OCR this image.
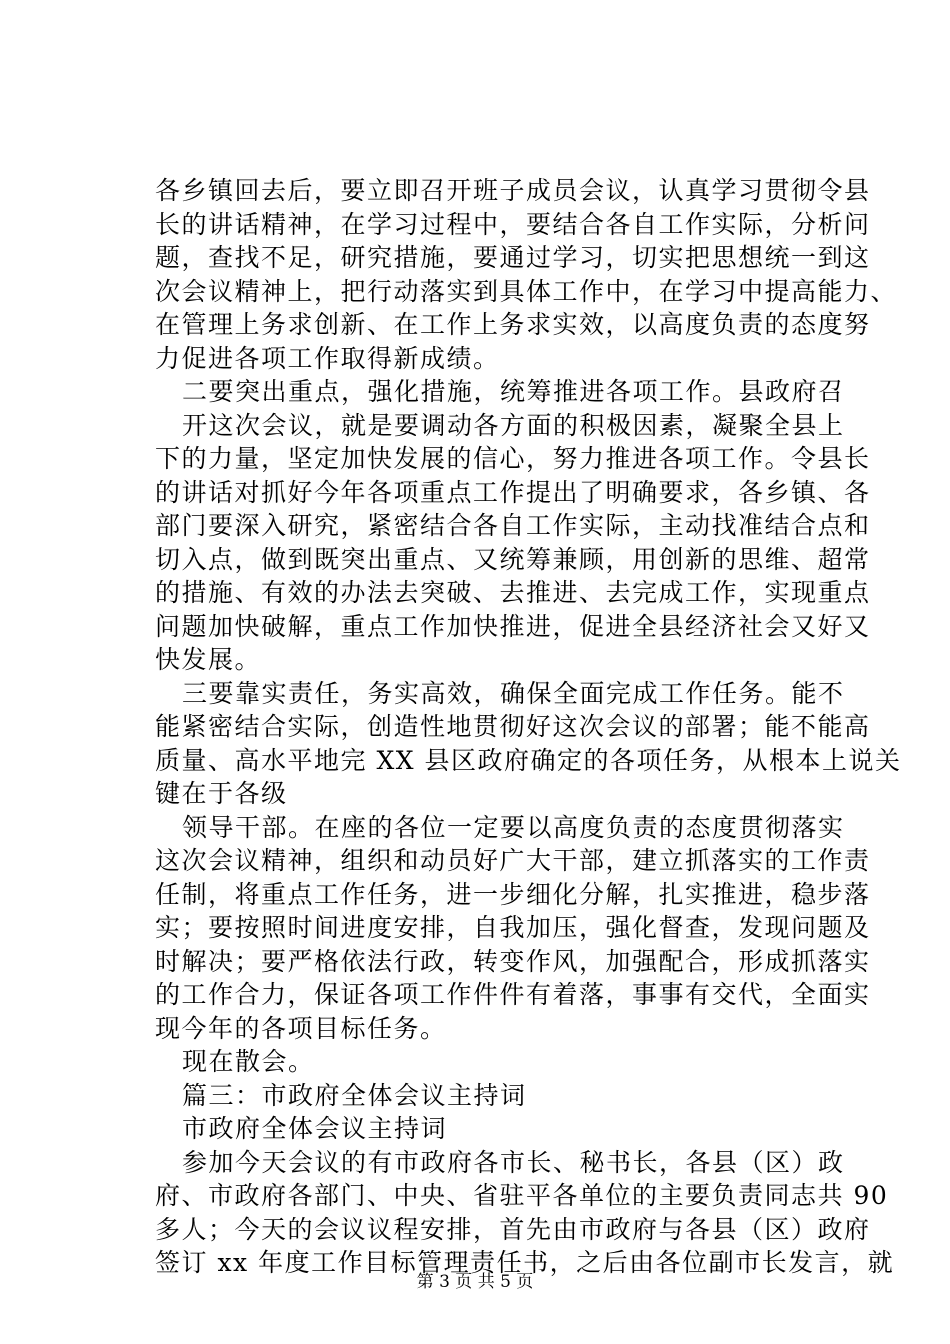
各乡镇回去后，要立即召开班子成员会议，认真学习贯彻令县
长的讲话精神，在学习过程中，要结合各自工作实际，分析问
题，查找不足，研究措施，要通过学习，切实把思想统一到这
次会议精神上，把行动落实到具体工作中，在学习中提高能力、
在管理上务求创新、在工作上务求实效，以高度负责的态度努
力促进各项工作取得新成绩。
二要突出重点，强化措施，统筹推进各项工作。县政府召
开这次会议，就是要调动各方面的积极因素，凝聚全县上
下的力量，坚定加快发展的信心，努力推进各项工作。令县长
的讲话对抓好今年各项重点工作提出了明确要求，各乡镇、各
部门要深入研究，紧密结合各自工作实际，主动找准结合点和
切入点，做到既突出重点、又统筹兼顾，用创新的思维、超常
的措施、有效的办法去突破、去推进、去完成工作，实现重点
问题加快破解，重点工作加快推进，促进全县经济社会又好又
快发展。
三要靠实责任，务实高效，确保全面完成工作任务。能不
能紧密结合实际，创造性地贯彻好这次会议的部署；能不能高
质量、高水平地完 XX 县区政府确定的各项任务，从根本上说关
键在于各级
领导干部。在座的各位一定要以高度负责的态度贯彻落实
这次会议精神，组织和动员好广大干部，建立抓落实的工作责
任制，将重点工作任务，进一步细化分解，扎实推进，稳步落
实；要按照时间进度安排，自我加压，强化督查，发现问题及
时解决；要严格依法行政，转变作风，加强配合，形成抓落实
的工作合力，保证各项工作件件有着落，事事有交代，全面实
现今年的各项目标任务。
现在散会。
篇三：市政府全体会议主持词
市政府全体会议主持词
参加今天会议的有市政府各市长、秘书长，各县（区）政
府、市政府各部门、中央、省驻平各单位的主要负责同志共 90
多人；今天的会议议程安排，首先由市政府与各县（区）政府
签订 xx 年度工作目标管理责任书，之后由各位副市长发言，就
第 3 页 共 5 页
